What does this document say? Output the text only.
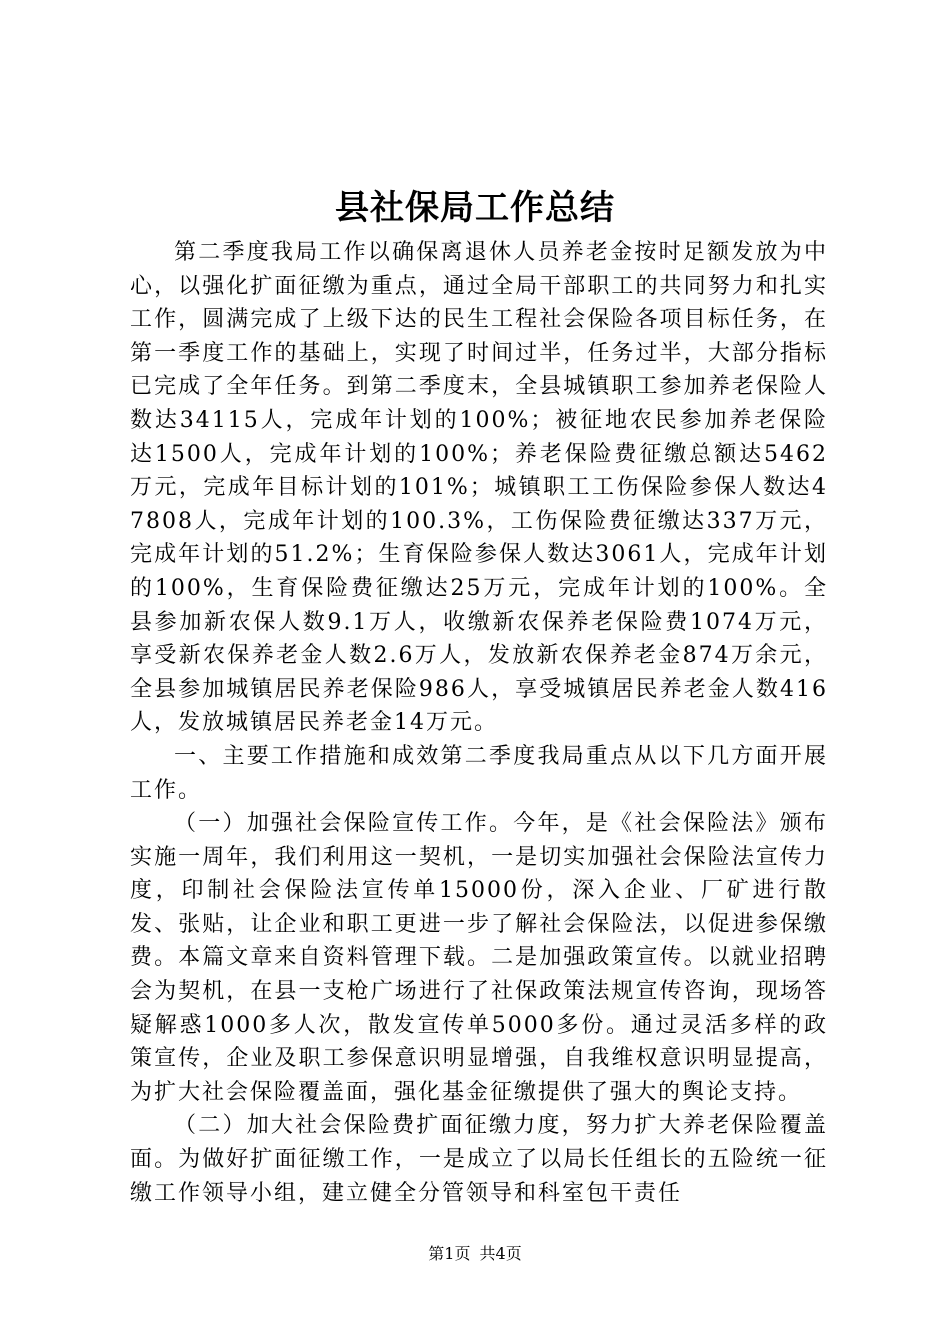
县社保局工作总结

第二季度我局工作以确保离退休人员养老金按时足额发放为中心，以强化扩面征缴为重点，通过全局干部职工的共同努力和扎实工作，圆满完成了上级下达的民生工程社会保险各项目标任务，在第一季度工作的基础上，实现了时间过半，任务过半，大部分指标已完成了全年任务。到第二季度末，全县城镇职工参加养老保险人数达34115人，完成年计划的100%；被征地农民参加养老保险达1500人，完成年计划的100%；养老保险费征缴总额达5462万元，完成年目标计划的101%；城镇职工工伤保险参保人数达47808人，完成年计划的100.3%，工伤保险费征缴达337万元，完成年计划的51.2%；生育保险参保人数达3061人，完成年计划的100%，生育保险费征缴达25万元，完成年计划的100%。全县参加新农保人数9.1万人，收缴新农保养老保险费1074万元，享受新农保养老金人数2.6万人，发放新农保养老金874万余元，全县参加城镇居民养老保险986人，享受城镇居民养老金人数416人，发放城镇居民养老金14万元。

一、主要工作措施和成效第二季度我局重点从以下几方面开展工作。

（一）加强社会保险宣传工作。今年，是《社会保险法》颁布实施一周年，我们利用这一契机，一是切实加强社会保险法宣传力度，印制社会保险法宣传单15000份，深入企业、厂矿进行散发、张贴，让企业和职工更进一步了解社会保险法，以促进参保缴费。本篇文章来自资料管理下载。二是加强政策宣传。以就业招聘会为契机，在县一支枪广场进行了社保政策法规宣传咨询，现场答疑解惑1000多人次，散发宣传单5000多份。通过灵活多样的政策宣传，企业及职工参保意识明显增强，自我维权意识明显提高，为扩大社会保险覆盖面，强化基金征缴提供了强大的舆论支持。

（二）加大社会保险费扩面征缴力度，努力扩大养老保险覆盖面。为做好扩面征缴工作，一是成立了以局长任组长的五险统一征缴工作领导小组，建立健全分管领导和科室包干责任

第1页 共4页
